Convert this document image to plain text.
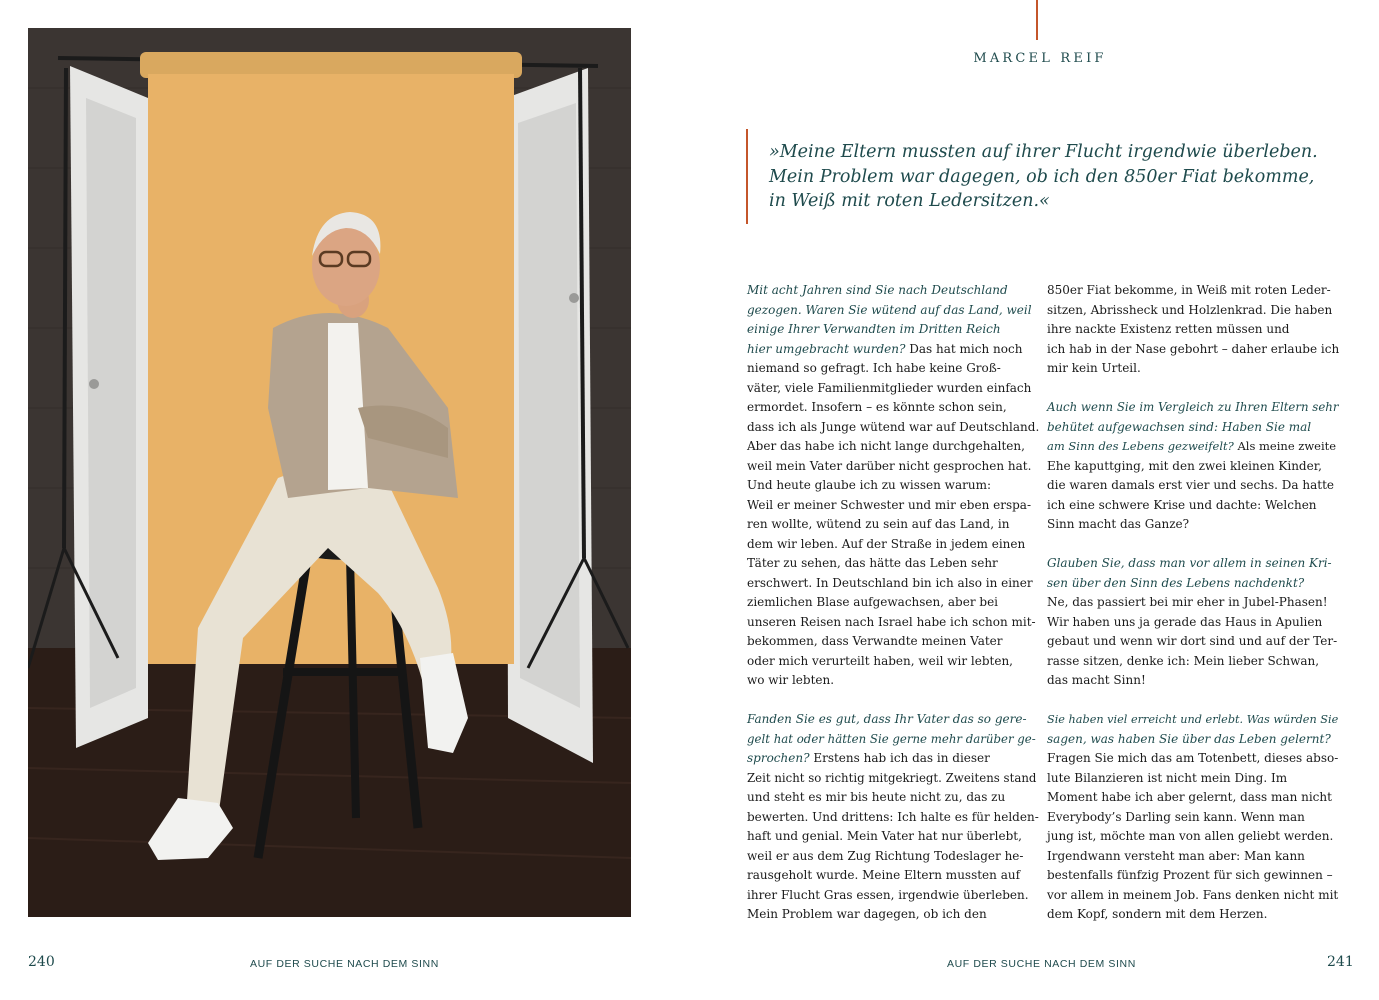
240	AUF DER SUCHE NACH DEM SINN
MARCEL REIF
»Meine Eltern mussten auf ihrer Flucht irgendwie überleben.
Mein Problem war dagegen, ob ich den 850er Fiat bekomme,
in Weiß mit roten Ledersitzen.«
Mit acht Jahren sind Sie nach Deutschland
gezogen. Waren Sie wütend auf das Land, weil
einige Ihrer Verwandten im Dritten Reich
hier umgebracht wurden? Das hat mich noch
niemand so gefragt. Ich habe keine Groß-
väter, viele Familienmitglieder wurden einfach
ermordet. Insofern – es könnte schon sein,
dass ich als Junge wütend war auf Deutschland.
Aber das habe ich nicht lange durchgehalten,
weil mein Vater darüber nicht gesprochen hat.
Und heute glaube ich zu wissen warum:
Weil er meiner Schwester und mir eben erspa-
ren wollte, wütend zu sein auf das Land, in
dem wir leben. Auf der Straße in jedem einen
Täter zu sehen, das hätte das Leben sehr
erschwert. In Deutschland bin ich also in einer
ziemlichen Blase aufgewachsen, aber bei
unseren Reisen nach Israel habe ich schon mit-
bekommen, dass Verwandte meinen Vater
oder mich verurteilt haben, weil wir lebten,
wo wir lebten.
Fanden Sie es gut, dass Ihr Vater das so gere-
gelt hat oder hätten Sie gerne mehr darüber ge-
sprochen? Erstens hab ich das in dieser
Zeit nicht so richtig mitgekriegt. Zweitens stand
und steht es mir bis heute nicht zu, das zu
bewerten. Und drittens: Ich halte es für helden-
haft und genial. Mein Vater hat nur überlebt,
weil er aus dem Zug Richtung Todeslager he-
rausgeholt wurde. Meine Eltern mussten auf
ihrer Flucht Gras essen, irgendwie überleben.
Mein Problem war dagegen, ob ich den
850er Fiat bekomme, in Weiß mit roten Leder-
sitzen, Abrissheck und Holzlenkrad. Die haben
ihre nackte Existenz retten müssen und
ich hab in der Nase gebohrt – daher erlaube ich
mir kein Urteil.
Auch wenn Sie im Vergleich zu Ihren Eltern sehr
behütet aufgewachsen sind: Haben Sie mal
am Sinn des Lebens gezweifelt? Als meine zweite
Ehe kaputtging, mit den zwei kleinen Kinder,
die waren damals erst vier und sechs. Da hatte
ich eine schwere Krise und dachte: Welchen
Sinn macht das Ganze?
Glauben Sie, dass man vor allem in seinen Kri-
sen über den Sinn des Lebens nachdenkt?
Ne, das passiert bei mir eher in Jubel-Phasen!
Wir haben uns ja gerade das Haus in Apulien
gebaut und wenn wir dort sind und auf der Ter-
rasse sitzen, denke ich: Mein lieber Schwan,
das macht Sinn!
Sie haben viel erreicht und erlebt. Was würden Sie
sagen, was haben Sie über das Leben gelernt?
Fragen Sie mich das am Totenbett, dieses abso-
lute Bilanzieren ist nicht mein Ding. Im
Moment habe ich aber gelernt, dass man nicht
Everybody’s Darling sein kann. Wenn man
jung ist, möchte man von allen geliebt werden.
Irgendwann versteht man aber: Man kann
bestenfalls fünfzig Prozent für sich gewinnen –
vor allem in meinem Job. Fans denken nicht mit
dem Kopf, sondern mit dem Herzen.
AUF DER SUCHE NACH DEM SINN	241
